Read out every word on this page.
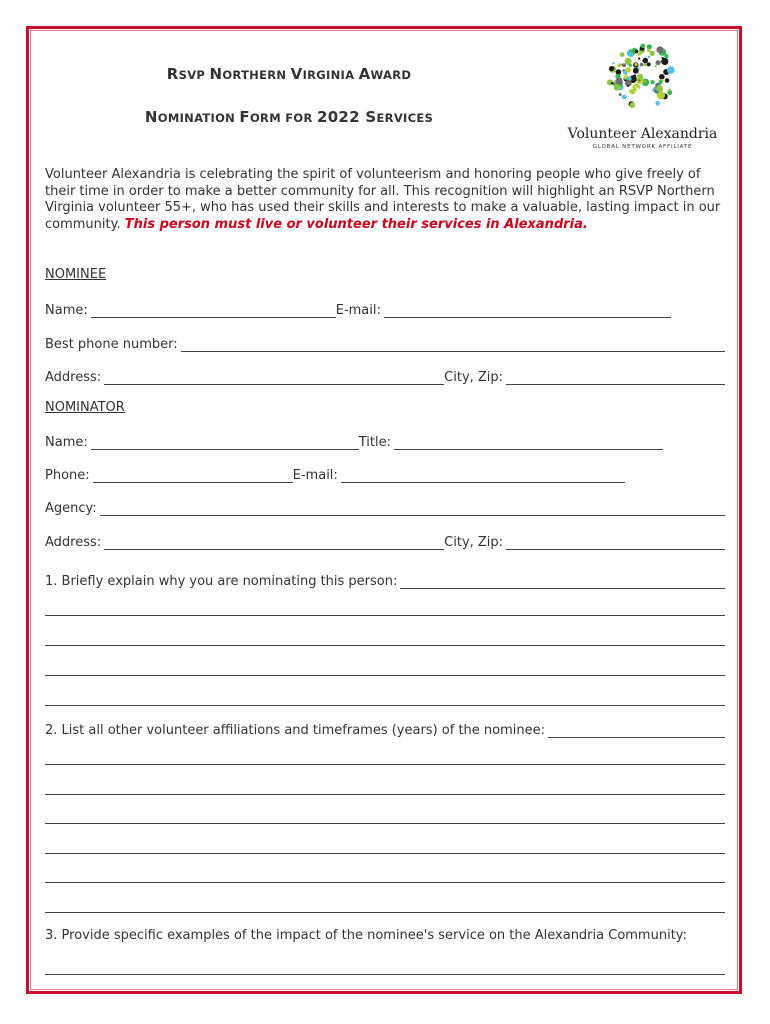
RSVP NORTHERN VIRGINIA AWARD
NOMINATION FORM FOR 2022 SERVICES
Volunteer Alexandria
GLOBAL NETWORK AFFILIATE
Volunteer Alexandria is celebrating the spirit of volunteerism and honoring people who give freely of their time in order to make a better community for all. This recognition will highlight an RSVP Northern Virginia volunteer 55+, who has used their skills and interests to make a valuable, lasting impact in our community. This person must live or volunteer their services in Alexandria.
NOMINEE
Name:	E-mail:
Best phone number:
Address:	City, Zip:
NOMINATOR
Name:	Title:
Phone:	E-mail:
Agency:
Address:	City, Zip:
1. Briefly explain why you are nominating this person:
2. List all other volunteer affiliations and timeframes (years) of the nominee:
3. Provide specific examples of the impact of the nominee's service on the Alexandria Community:
